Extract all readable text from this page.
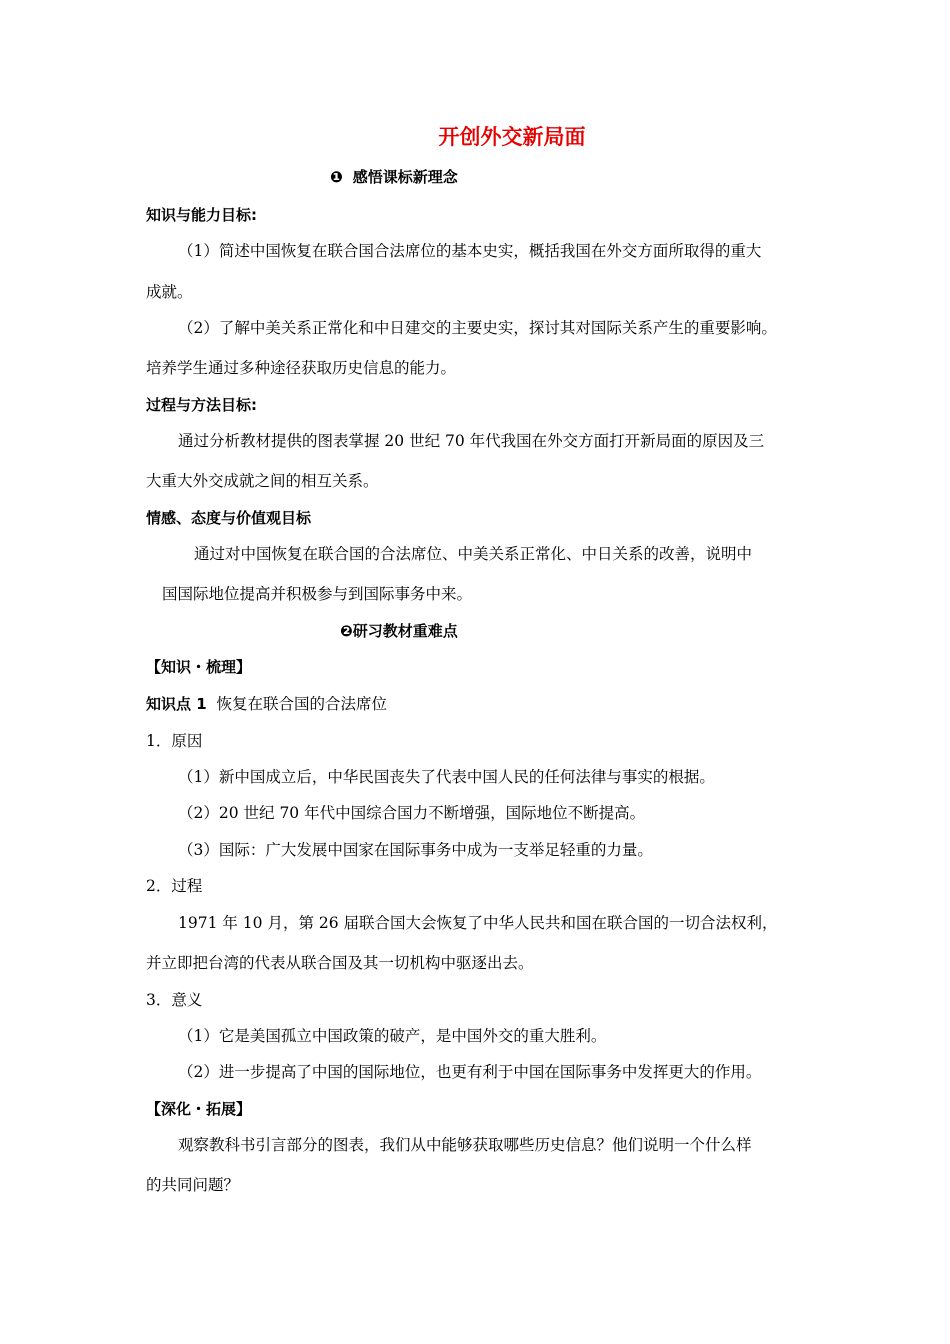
开创外交新局面
❶ 感悟课标新理念
知识与能力目标:
（1）简述中国恢复在联合国合法席位的基本史实，概括我国在外交方面所取得的重大
成就。
（2）了解中美关系正常化和中日建交的主要史实，探讨其对国际关系产生的重要影响。
培养学生通过多种途径获取历史信息的能力。
过程与方法目标:
通过分析教材提供的图表掌握 20 世纪 70 年代我国在外交方面打开新局面的原因及三
大重大外交成就之间的相互关系。
情感、态度与价值观目标
通过对中国恢复在联合国的合法席位、中美关系正常化、中日关系的改善，说明中
国国际地位提高并积极参与到国际事务中来。
❷研习教材重难点
【知识・梳理】
知识点 1 恢复在联合国的合法席位
1．原因
（1）新中国成立后，中华民国丧失了代表中国人民的任何法律与事实的根据。
（2）20 世纪 70 年代中国综合国力不断增强，国际地位不断提高。
（3）国际：广大发展中国家在国际事务中成为一支举足轻重的力量。
2．过程
1971 年 10 月，第 26 届联合国大会恢复了中华人民共和国在联合国的一切合法权利，
并立即把台湾的代表从联合国及其一切机构中驱逐出去。
3．意义
（1）它是美国孤立中国政策的破产，是中国外交的重大胜利。
（2）进一步提高了中国的国际地位，也更有利于中国在国际事务中发挥更大的作用。
【深化・拓展】
观察教科书引言部分的图表，我们从中能够获取哪些历史信息？他们说明一个什么样
的共同问题？
